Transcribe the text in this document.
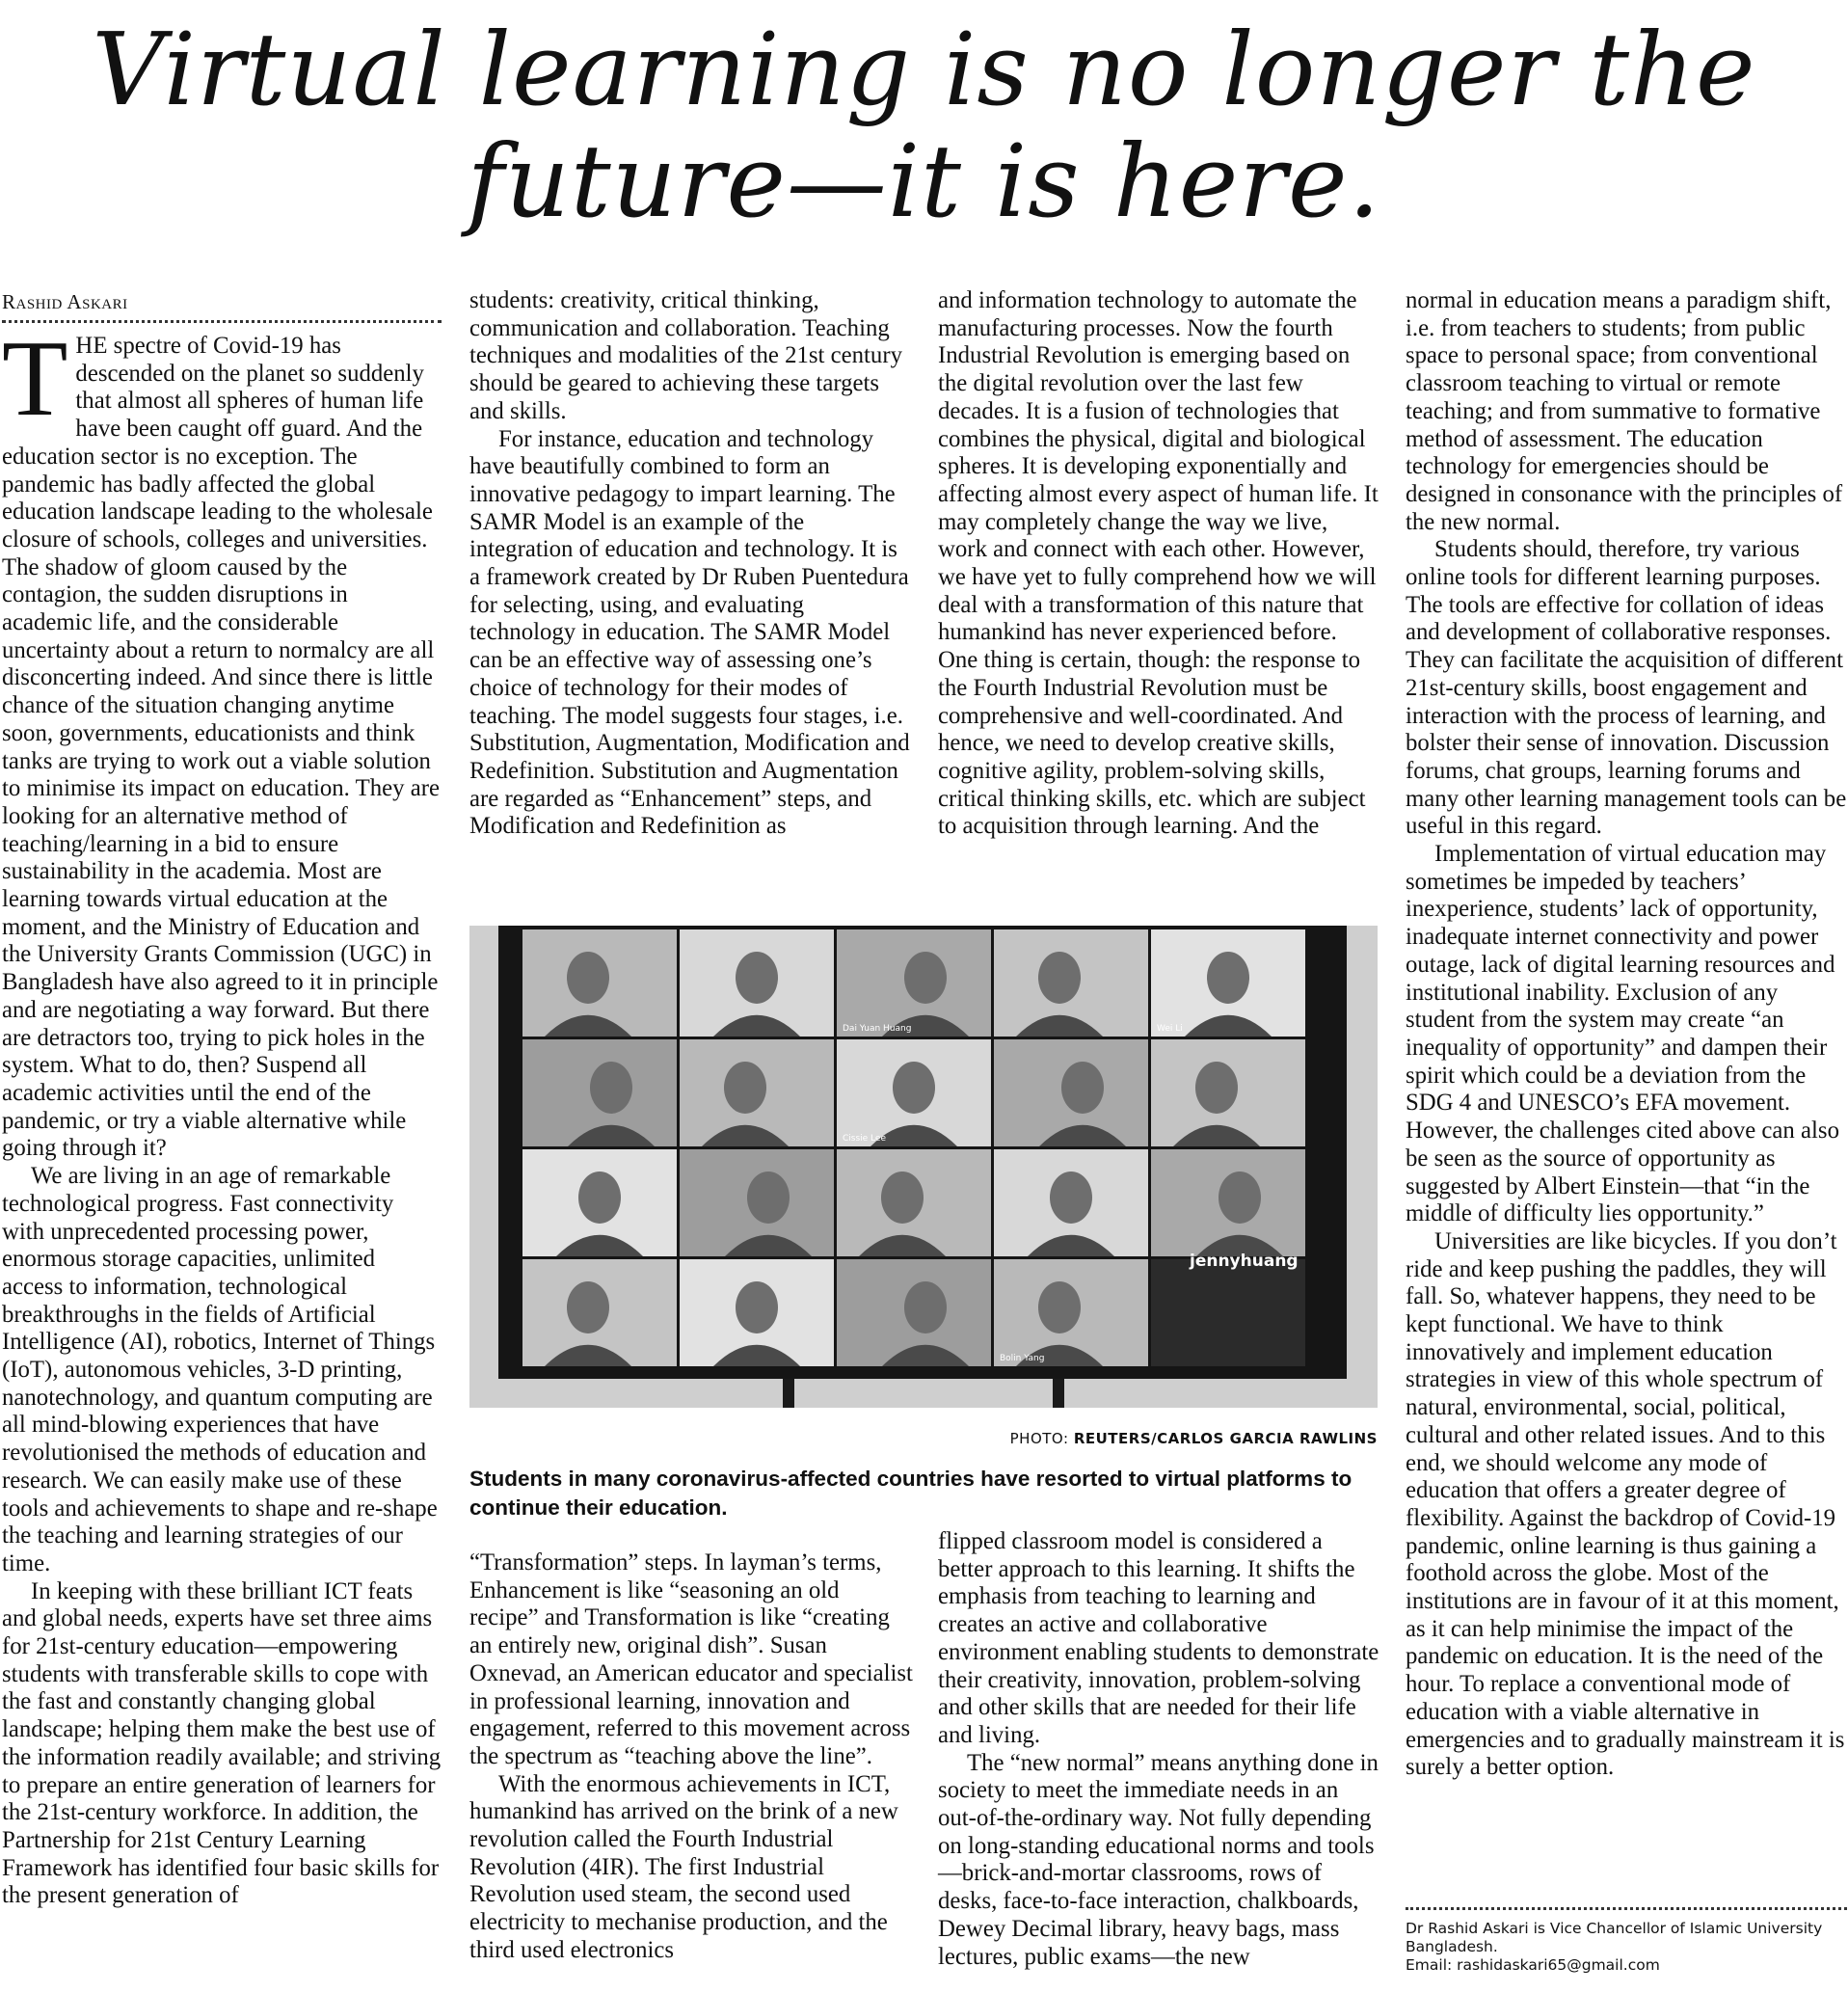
Virtual learning is no longer the
future—it is here.
Rashid Askari

THE spectre of Covid-19 has descended on the planet so suddenly that almost all spheres of human life have been caught off guard. And the education sector is no exception. The pandemic has badly affected the global education landscape leading to the wholesale closure of schools, colleges and universities. The shadow of gloom caused by the contagion, the sudden disruptions in academic life, and the considerable uncertainty about a return to normalcy are all disconcerting indeed. And since there is little chance of the situation changing anytime soon, governments, educationists and think tanks are trying to work out a viable solution to minimise its impact on education. They are looking for an alternative method of teaching/learning in a bid to ensure sustainability in the academia. Most are learning towards virtual education at the moment, and the Ministry of Education and the University Grants Commission (UGC) in Bangladesh have also agreed to it in principle and are negotiating a way forward. But there are detractors too, trying to pick holes in the system. What to do, then? Suspend all academic activities until the end of the pandemic, or try a viable alternative while going through it?

We are living in an age of remarkable technological progress. Fast connectivity with unprecedented processing power, enormous storage capacities, unlimited access to information, technological breakthroughs in the fields of Artificial Intelligence (AI), robotics, Internet of Things (IoT), autonomous vehicles, 3-D printing, nanotechnology, and quantum computing are all mind-blowing experiences that have revolutionised the methods of education and research. We can easily make use of these tools and achievements to shape and re-shape the teaching and learning strategies of our time.

In keeping with these brilliant ICT feats and global needs, experts have set three aims for 21st-century education—empowering students with transferable skills to cope with the fast and constantly changing global landscape; helping them make the best use of the information readily available; and striving to prepare an entire generation of learners for the 21st-century workforce. In addition, the Partnership for 21st Century Learning Framework has identified four basic skills for the present generation of

students: creativity, critical thinking, communication and collaboration. Teaching techniques and modalities of the 21st century should be geared to achieving these targets and skills.

For instance, education and technology have beautifully combined to form an innovative pedagogy to impart learning. The SAMR Model is an example of the integration of education and technology. It is a framework created by Dr Ruben Puentedura for selecting, using, and evaluating technology in education. The SAMR Model can be an effective way of assessing one’s choice of technology for their modes of teaching. The model suggests four stages, i.e. Substitution, Augmentation, Modification and Redefinition. Substitution and Augmentation are regarded as “Enhancement” steps, and Modification and Redefinition as

and information technology to automate the manufacturing processes. Now the fourth Industrial Revolution is emerging based on the digital revolution over the last few decades. It is a fusion of technologies that combines the physical, digital and biological spheres. It is developing exponentially and affecting almost every aspect of human life. It may completely change the way we live, work and connect with each other. However, we have yet to fully comprehend how we will deal with a transformation of this nature that humankind has never experienced before. One thing is certain, though: the response to the Fourth Industrial Revolution must be comprehensive and well-coordinated. And hence, we need to develop creative skills, cognitive agility, problem-solving skills, critical thinking skills, etc. which are subject to acquisition through learning. And the

Dai Yuan Huang	Wei Li
Cissie Lee
Bolin Yang
jennyhuang
PHOTO: REUTERS/CARLOS GARCIA RAWLINS
Students in many coronavirus-affected countries have resorted to virtual platforms to continue their education.

“Transformation” steps. In layman’s terms, Enhancement is like “seasoning an old recipe” and Transformation is like “creating an entirely new, original dish”. Susan Oxnevad, an American educator and specialist in professional learning, innovation and engagement, referred to this movement across the spectrum as “teaching above the line”.

With the enormous achievements in ICT, humankind has arrived on the brink of a new revolution called the Fourth Industrial Revolution (4IR). The first Industrial Revolution used steam, the second used electricity to mechanise production, and the third used electronics

flipped classroom model is considered a better approach to this learning. It shifts the emphasis from teaching to learning and creates an active and collaborative environment enabling students to demonstrate their creativity, innovation, problem-solving and other skills that are needed for their life and living.

The “new normal” means anything done in society to meet the immediate needs in an out-of-the-ordinary way. Not fully depending on long-standing educational norms and tools—brick-and-mortar classrooms, rows of desks, face-to-face interaction, chalkboards, Dewey Decimal library, heavy bags, mass lectures, public exams—the new

normal in education means a paradigm shift, i.e. from teachers to students; from public space to personal space; from conventional classroom teaching to virtual or remote teaching; and from summative to formative method of assessment. The education technology for emergencies should be designed in consonance with the principles of the new normal.

Students should, therefore, try various online tools for different learning purposes. The tools are effective for collation of ideas and development of collaborative responses. They can facilitate the acquisition of different 21st-century skills, boost engagement and interaction with the process of learning, and bolster their sense of innovation. Discussion forums, chat groups, learning forums and many other learning management tools can be useful in this regard.

Implementation of virtual education may sometimes be impeded by teachers’ inexperience, students’ lack of opportunity, inadequate internet connectivity and power outage, lack of digital learning resources and institutional inability. Exclusion of any student from the system may create “an inequality of opportunity” and dampen their spirit which could be a deviation from the SDG 4 and UNESCO’s EFA movement. However, the challenges cited above can also be seen as the source of opportunity as suggested by Albert Einstein—that “in the middle of difficulty lies opportunity.”

Universities are like bicycles. If you don’t ride and keep pushing the paddles, they will fall. So, whatever happens, they need to be kept functional. We have to think innovatively and implement education strategies in view of this whole spectrum of natural, environmental, social, political, cultural and other related issues. And to this end, we should welcome any mode of education that offers a greater degree of flexibility. Against the backdrop of Covid-19 pandemic, online learning is thus gaining a foothold across the globe. Most of the institutions are in favour of it at this moment, as it can help minimise the impact of the pandemic on education. It is the need of the hour. To replace a conventional mode of education with a viable alternative in emergencies and to gradually mainstream it is surely a better option.

Dr Rashid Askari is Vice Chancellor of Islamic University Bangladesh.
Email: rashidaskari65@gmail.com
